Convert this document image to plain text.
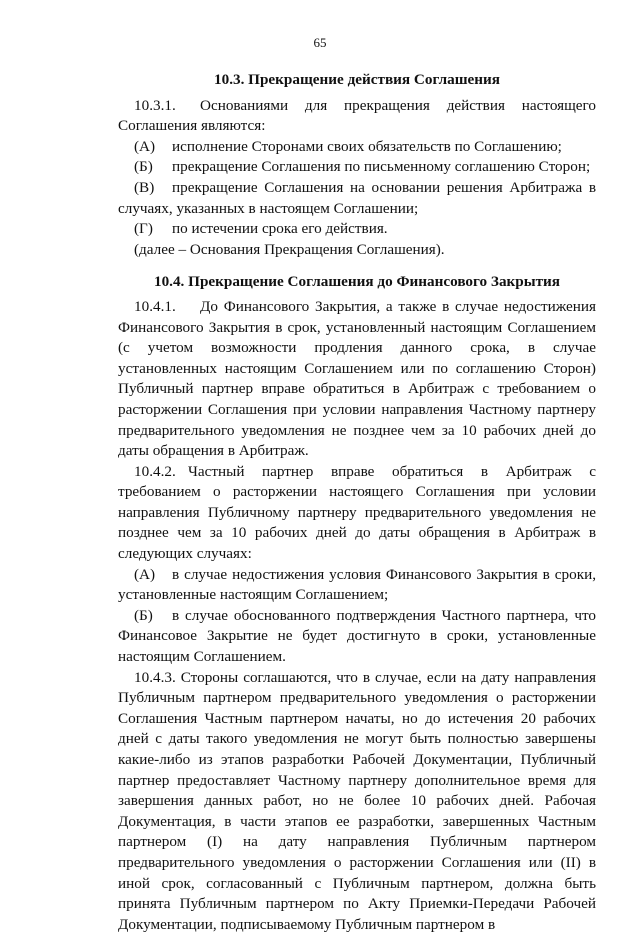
65
10.3. Прекращение действия Соглашения

10.3.1. Основаниями для прекращения действия настоящего Соглашения являются:

(А) исполнение Сторонами своих обязательств по Соглашению;

(Б) прекращение Соглашения по письменному соглашению Сторон;

(В) прекращение Соглашения на основании решения Арбитража в случаях, указанных в настоящем Соглашении;

(Г) по истечении срока его действия.

(далее – Основания Прекращения Соглашения).

10.4. Прекращение Соглашения до Финансового Закрытия

10.4.1. До Финансового Закрытия, а также в случае недостижения Финансового Закрытия в срок, установленный настоящим Соглашением (с учетом возможности продления данного срока, в случае установленных настоящим Соглашением или по соглашению Сторон) Публичный партнер вправе обратиться в Арбитраж с требованием о расторжении Соглашения при условии направления Частному партнеру предварительного уведомления не позднее чем за 10 рабочих дней до даты обращения в Арбитраж.

10.4.2. Частный партнер вправе обратиться в Арбитраж с требованием о расторжении настоящего Соглашения при условии направления Публичному партнеру предварительного уведомления не позднее чем за 10 рабочих дней до даты обращения в Арбитраж в следующих случаях:

(А) в случае недостижения условия Финансового Закрытия в сроки, установленные настоящим Соглашением;

(Б) в случае обоснованного подтверждения Частного партнера, что Финансовое Закрытие не будет достигнуто в сроки, установленные настоящим Соглашением.

10.4.3. Стороны соглашаются, что в случае, если на дату направления Публичным партнером предварительного уведомления о расторжении Соглашения Частным партнером начаты, но до истечения 20 рабочих дней с даты такого уведомления не могут быть полностью завершены какие-либо из этапов разработки Рабочей Документации, Публичный партнер предоставляет Частному партнеру дополнительное время для завершения данных работ, но не более 10 рабочих дней. Рабочая Документация, в части этапов ее разработки, завершенных Частным партнером (I) на дату направления Публичным партнером предварительного уведомления о расторжении Соглашения или (II) в иной срок, согласованный с Публичным партнером, должна быть принята Публичным партнером по Акту Приемки-Передачи Рабочей Документации, подписываемому Публичным партнером в
